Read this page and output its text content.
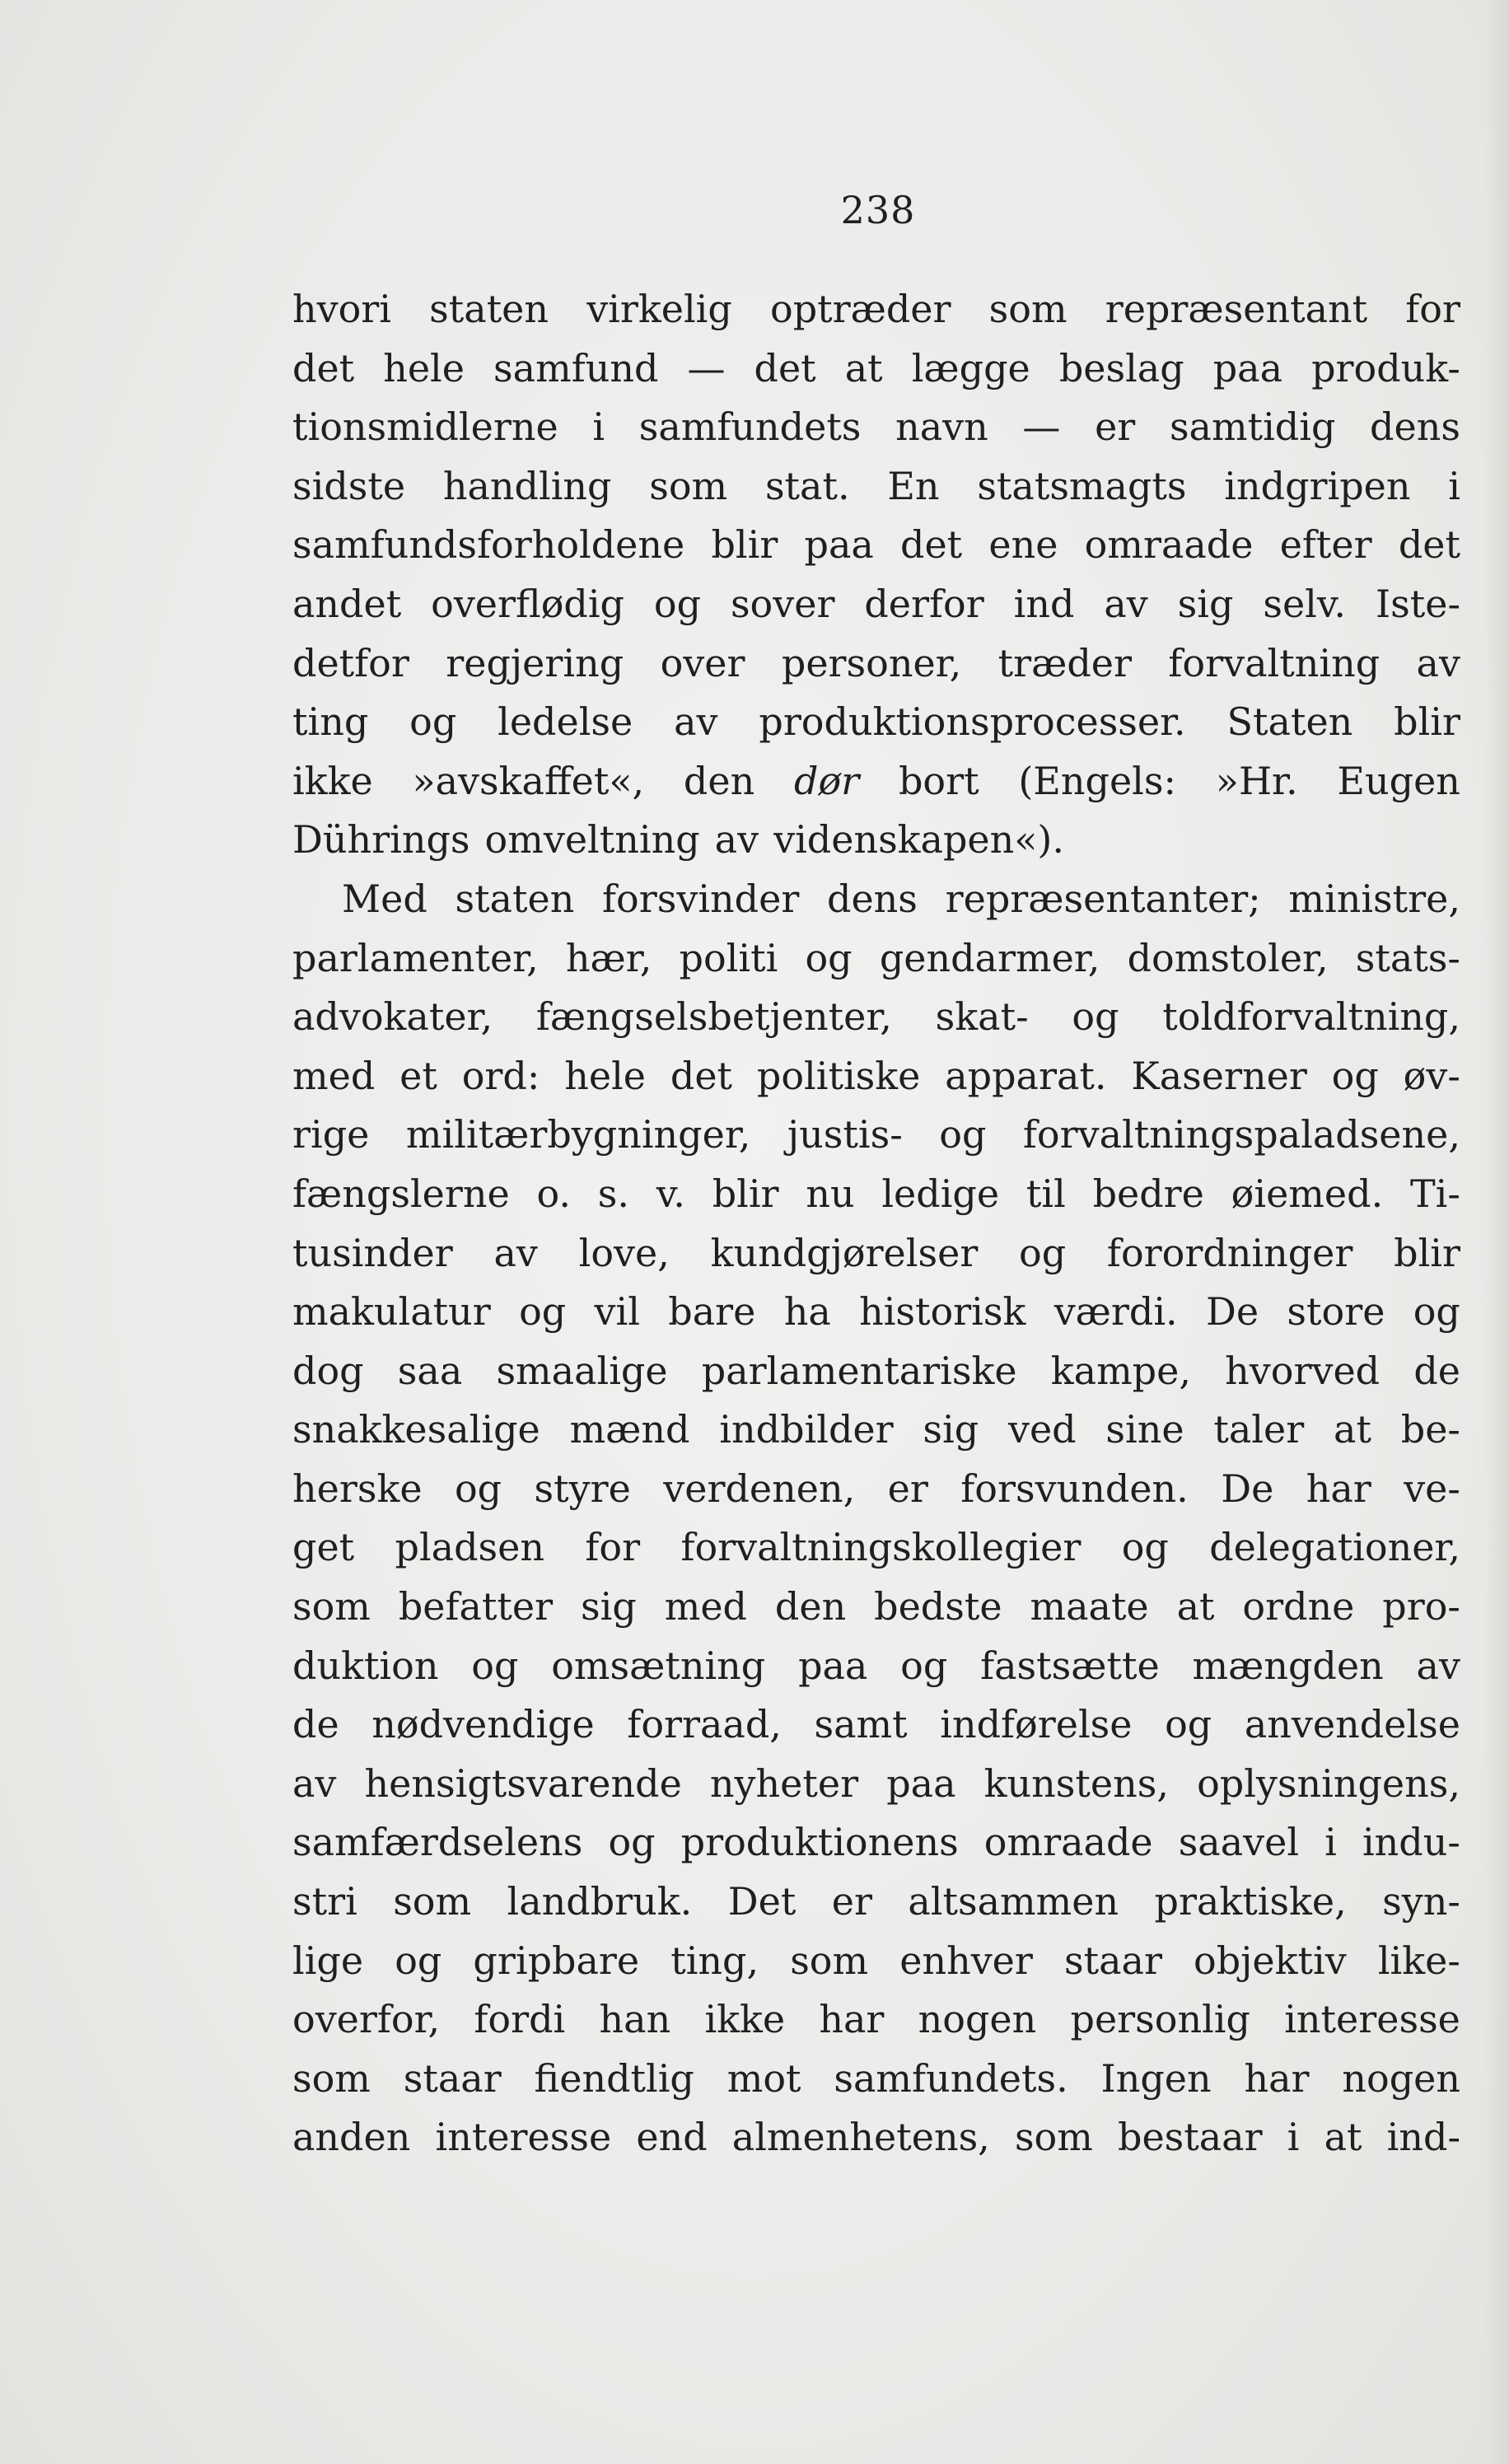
238
hvori staten virkelig optræder som repræsentant for
det hele samfund — det at lægge beslag paa produk-
tionsmidlerne i samfundets navn — er samtidig dens
sidste handling som stat. En statsmagts indgripen i
samfundsforholdene blir paa det ene omraade efter det
andet overflødig og sover derfor ind av sig selv. Iste-
detfor regjering over personer, træder forvaltning av
ting og ledelse av produktionsprocesser. Staten blir
ikke »avskaffet«, den dør bort (Engels: »Hr. Eugen
Dührings omveltning av videnskapen«).
Med staten forsvinder dens repræsentanter; ministre,
parlamenter, hær, politi og gendarmer, domstoler, stats-
advokater, fængselsbetjenter, skat- og toldforvaltning,
med et ord: hele det politiske apparat. Kaserner og øv-
rige militærbygninger, justis- og forvaltningspaladsene,
fængslerne o. s. v. blir nu ledige til bedre øiemed. Ti-
tusinder av love, kundgjørelser og forordninger blir
makulatur og vil bare ha historisk værdi. De store og
dog saa smaalige parlamentariske kampe, hvorved de
snakkesalige mænd indbilder sig ved sine taler at be-
herske og styre verdenen, er forsvunden. De har ve-
get pladsen for forvaltningskollegier og delegationer,
som befatter sig med den bedste maate at ordne pro-
duktion og omsætning paa og fastsætte mængden av
de nødvendige forraad, samt indførelse og anvendelse
av hensigtsvarende nyheter paa kunstens, oplysningens,
samfærdselens og produktionens omraade saavel i indu-
stri som landbruk. Det er altsammen praktiske, syn-
lige og gripbare ting, som enhver staar objektiv like-
overfor, fordi han ikke har nogen personlig interesse
som staar fiendtlig mot samfundets. Ingen har nogen
anden interesse end almenhetens, som bestaar i at ind-
